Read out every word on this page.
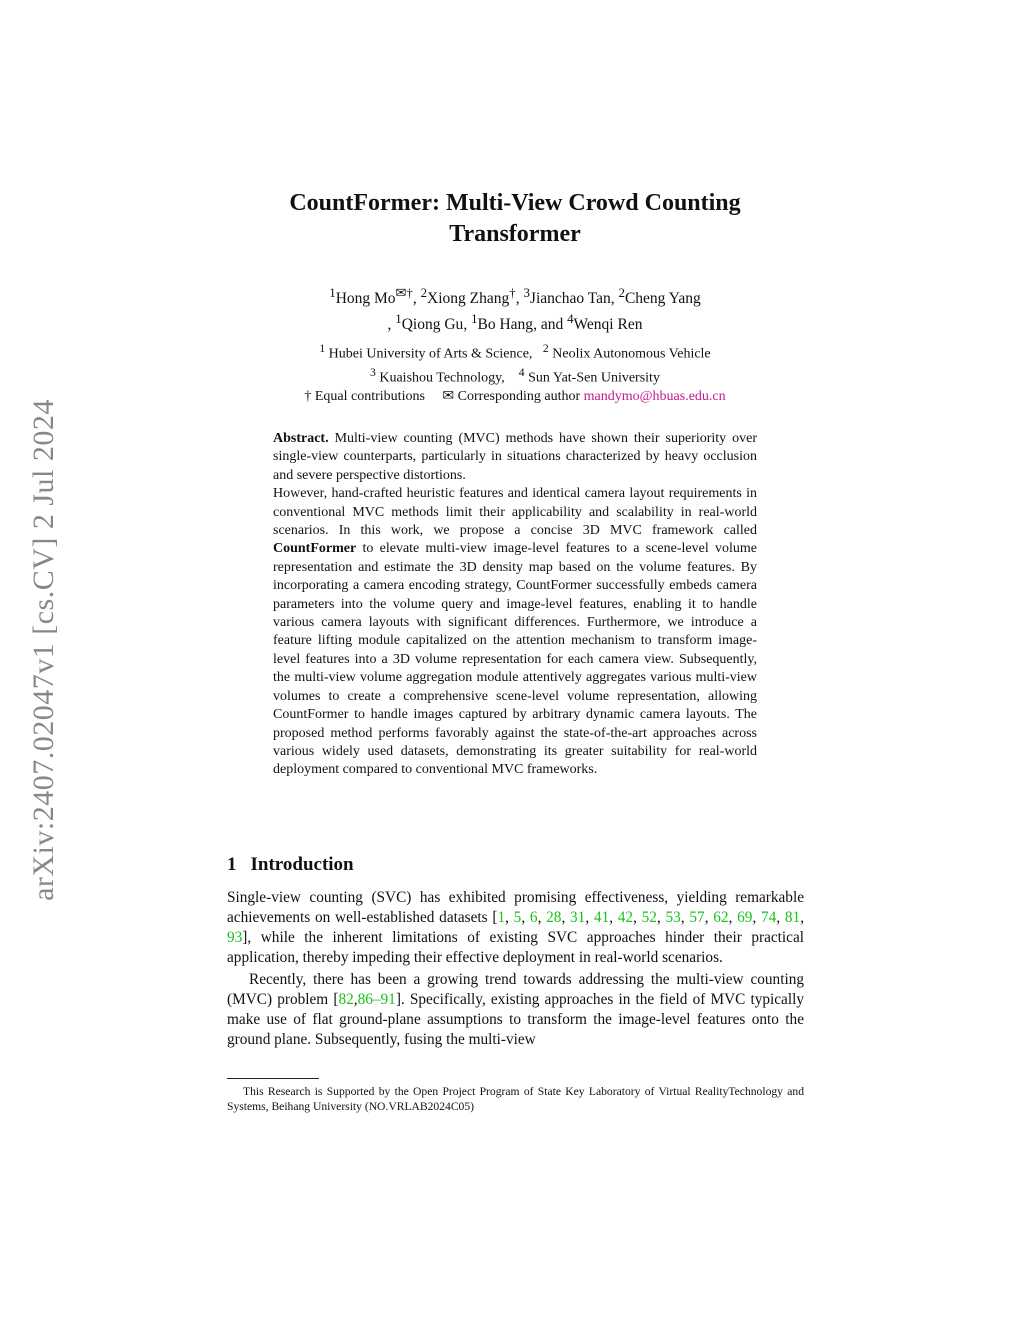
arXiv:2407.02047v1 [cs.CV] 2 Jul 2024
CountFormer: Multi-View Crowd Counting
Transformer
$^1$Hong Mo✉†, $^2$Xiong Zhang†, $^3$Jianchao Tan, $^2$Cheng Yang
, $^1$Qiong Gu, $^1$Bo Hang, and $^4$Wenqi Ren
$^1$ Hubei University of Arts & Science, $^2$ Neolix Autonomous Vehicle
$^3$ Kuaishou Technology, $^4$ Sun Yat-Sen University
† Equal contributions ✉ Corresponding author mandymo@hbuas.edu.cn
Abstract. Multi-view counting (MVC) methods have shown their superiority over single-view counterparts, particularly in situations characterized by heavy occlusion and severe perspective distortions.
However, hand-crafted heuristic features and identical camera layout requirements in conventional MVC methods limit their applicability and scalability in real-world scenarios. In this work, we propose a concise 3D MVC framework called CountFormer to elevate multi-view image-level features to a scene-level volume representation and estimate the 3D density map based on the volume features. By incorporating a camera encoding strategy, CountFormer successfully embeds camera parameters into the volume query and image-level features, enabling it to handle various camera layouts with significant differences. Furthermore, we introduce a feature lifting module capitalized on the attention mechanism to transform image-level features into a 3D volume representation for each camera view. Subsequently, the multi-view volume aggregation module attentively aggregates various multi-view volumes to create a comprehensive scene-level volume representation, allowing CountFormer to handle images captured by arbitrary dynamic camera layouts. The proposed method performs favorably against the state-of-the-art approaches across various widely used datasets, demonstrating its greater suitability for real-world deployment compared to conventional MVC frameworks.
1 Introduction

Single-view counting (SVC) has exhibited promising effectiveness, yielding remarkable achievements on well-established datasets [1, 5, 6, 28, 31, 41, 42, 52, 53, 57, 62, 69, 74, 81, 93], while the inherent limitations of existing SVC approaches hinder their practical application, thereby impeding their effective deployment in real-world scenarios.

Recently, there has been a growing trend towards addressing the multi-view counting (MVC) problem [82,86–91]. Specifically, existing approaches in the field of MVC typically make use of flat ground-plane assumptions to transform the image-level features onto the ground plane. Subsequently, fusing the multi-view

This Research is Supported by the Open Project Program of State Key Laboratory of Virtual RealityTechnology and Systems, Beihang University (NO.VRLAB2024C05)
